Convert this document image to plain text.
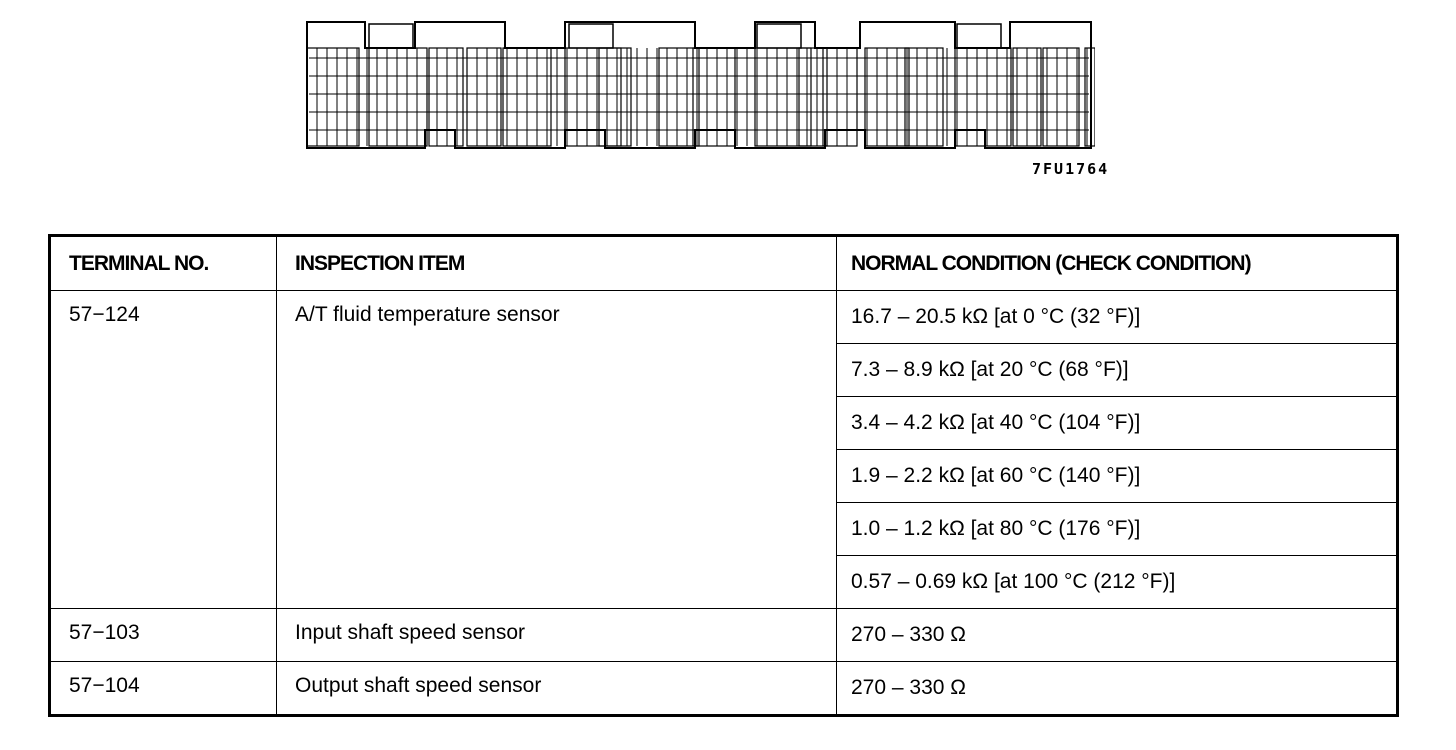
7FU1764
TERMINAL NO.	INSPECTION ITEM	NORMAL CONDITION (CHECK CONDITION)
57−124	A/T fluid temperature sensor	16.7 – 20.5 kΩ [at 0 °C (32 °F)]
		7.3 – 8.9 kΩ [at 20 °C (68 °F)]
		3.4 – 4.2 kΩ [at 40 °C (104 °F)]
		1.9 – 2.2 kΩ [at 60 °C (140 °F)]
		1.0 – 1.2 kΩ [at 80 °C (176 °F)]
		0.57 – 0.69 kΩ [at 100 °C (212 °F)]
57−103	Input shaft speed sensor	270 – 330 Ω
57−104	Output shaft speed sensor	270 – 330 Ω
